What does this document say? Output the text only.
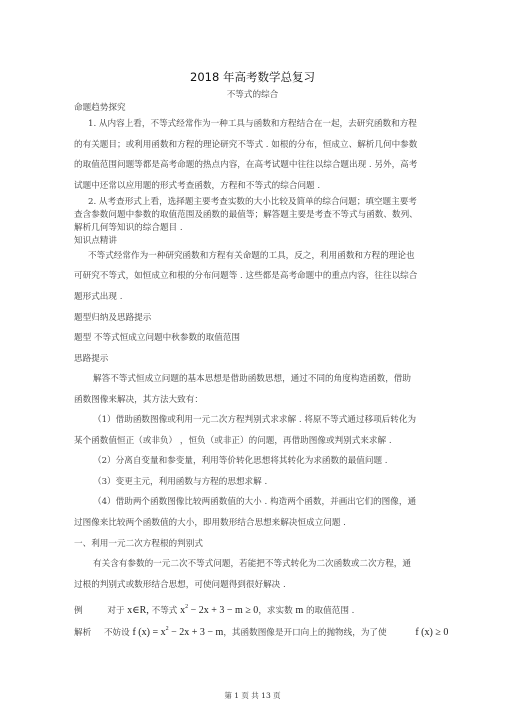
2018 年高考数学总复习
不等式的综合
命题趋势探究
1. 从内容上看，不等式经常作为一种工具与函数和方程结合在一起，去研究函数和方程
的有关题目；或利用函数和方程的理论研究不等式 . 如根的分布，恒成立、解析几何中参数
的取值范围问题等都是高考命题的热点内容，在高考试题中往往以综合题出现 . 另外，高考
试题中还常以应用题的形式考查函数，方程和不等式的综合问题 .
2. 从考查形式上看，选择题主要考查实数的大小比较及简单的综合问题；填空题主要考
查含参数问题中参数的取值范围及函数的最值等；解答题主要是考查不等式与函数、数列、
解析几何等知识的综合题目 .
知识点精讲
不等式经常作为一种研究函数和方程有关命题的工具，反之，利用函数和方程的理论也
可研究不等式，如恒成立和根的分布问题等 . 这些都是高考命题中的重点内容，往往以综合
题形式出现 .
题型归纳及思路提示
题型 不等式恒成立问题中秋参数的取值范围
思路提示
解答不等式恒成立问题的基本思想是借助函数思想，通过不同的角度构造函数，借助
函数图像来解决，其方法大致有：
（1）借助函数图像或利用一元二次方程判别式求求解 . 将原不等式通过移项后转化为
某个函数值恒正（或非负） ，恒负（或非正）的问题，再借助图像或判别式来求解 .
（2）分离自变量和参变量，利用等价转化思想将其转化为求函数的最值问题 .
（3）变更主元，利用函数与方程的思想求解 .
（4）借助两个函数图像比较两函数值的大小 . 构造两个函数，并画出它们的图像，通
过图像来比较两个函数值的大小，即用数形结合思想来解决恒成立问题 .
一、利用一元二次方程根的判别式
有关含有参数的一元二次不等式问题，若能把不等式转化为二次函数或二次方程，通
过根的判别式或数形结合思想，可使问题得到很好解决 .
例	对于 x∈R, 不等式 $x^2 - 2x + 3 - m \ge 0$，求实数 m 的取值范围 .
解析 不妨设 f $(x) = x^2 - 2x + 3 - m$，其函数图像是开口向上的抛物线，为了使	f (x) ≥ 0
第 1 页 共 13 页
